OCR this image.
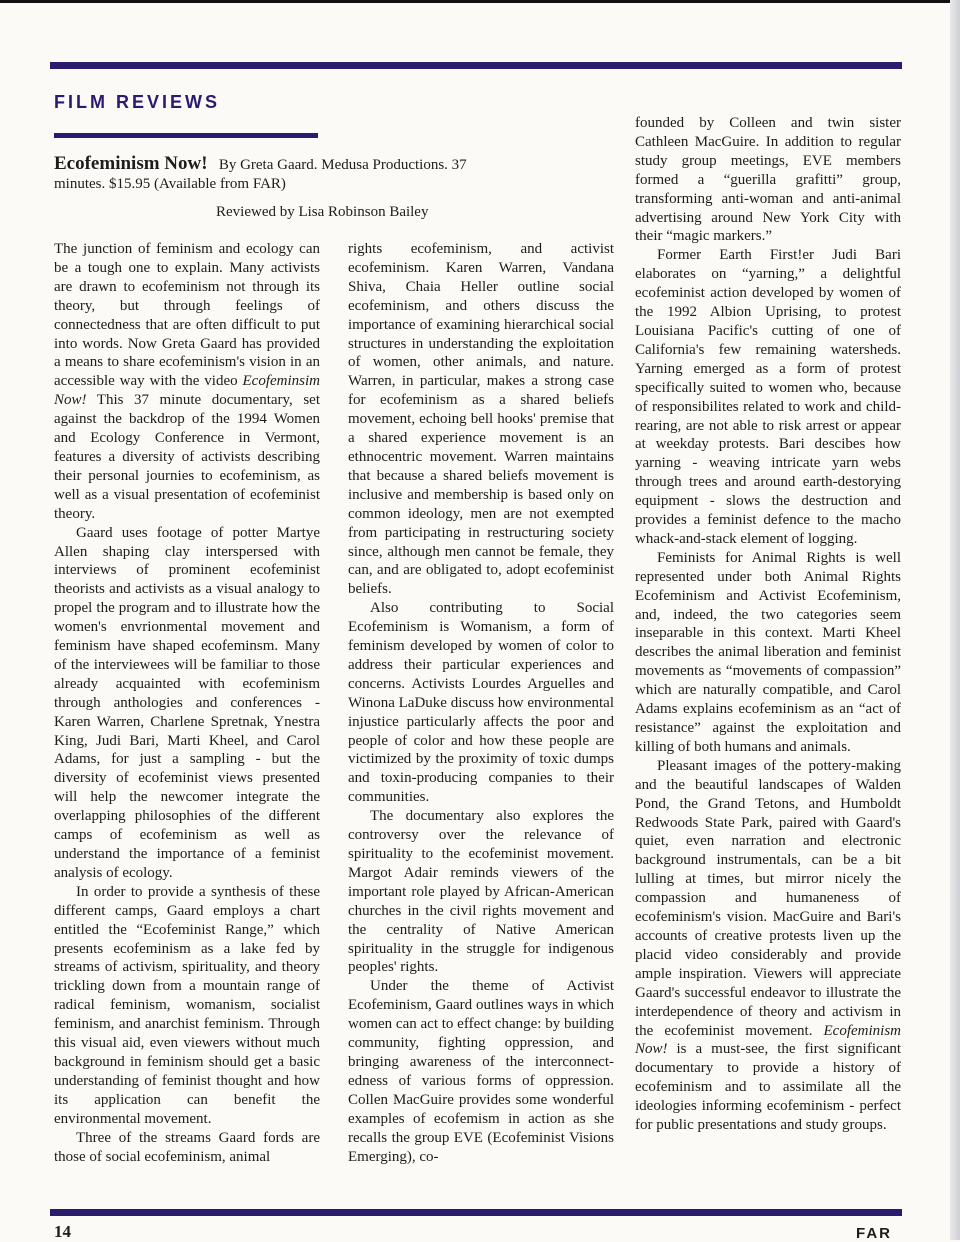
FILM REVIEWS
Ecofeminism Now! By Greta Gaard. Medusa Productions. 37 minutes. $15.95 (Available from FAR)
Reviewed by Lisa Robinson Bailey

The junction of feminism and ecology can be a tough one to explain. Many activists are drawn to ecofeminism not through its theory, but through feelings of connectedness that are often difficult to put into words. Now Greta Gaard has provided a means to share ecofeminism's vision in an accessible way with the video Ecofeminsim Now! This 37 minute documentary, set against the backdrop of the 1994 Women and Ecology Conference in Vermont, features a diversity of activists describing their personal journies to ecofeminism, as well as a visual presentation of ecofeminist theory.

Gaard uses footage of potter Martye Allen shaping clay interspersed with interviews of prominent ecofeminist theorists and activists as a visual analogy to propel the program and to illustrate how the women's envrionmental movement and feminism have shaped ecofeminsm. Many of the interviewees will be familiar to those already acquainted with ecofeminism through anthologies and conferences - Karen Warren, Charlene Spretnak, Ynestra King, Judi Bari, Marti Kheel, and Carol Adams, for just a sampling - but the diversity of ecofeminist views presented will help the newcomer integrate the overlapping philosophies of the different camps of ecofeminism as well as understand the importance of a feminist analysis of ecology.

In order to provide a synthesis of these different camps, Gaard employs a chart entitled the “Ecofeminist Range,” which presents ecofeminism as a lake fed by streams of activism, spirituality, and theory trickling down from a mountain range of radical feminism, womanism, socialist feminism, and anarchist feminism. Through this visual aid, even viewers without much background in feminism should get a basic understanding of feminist thought and how its application can benefit the environmental movement.

Three of the streams Gaard fords are those of social ecofeminism, animal

rights ecofeminism, and activist ecofeminism. Karen Warren, Vandana Shiva, Chaia Heller outline social ecofeminism, and others discuss the importance of examining hierarchical social structures in understanding the exploitation of women, other animals, and nature. Warren, in particular, makes a strong case for ecofeminism as a shared beliefs movement, echoing bell hooks' premise that a shared experience movement is an ethnocentric movement. Warren maintains that because a shared beliefs movement is inclusive and membership is based only on common ideology, men are not exempted from participating in restructuring society since, although men cannot be female, they can, and are obligated to, adopt ecofeminist beliefs.

Also contributing to Social Ecofeminism is Womanism, a form of feminism developed by women of color to address their particular experiences and concerns. Activists Lourdes Arguelles and Winona LaDuke discuss how environmental injustice particularly affects the poor and people of color and how these people are victimized by the proximity of toxic dumps and toxin-producing companies to their communities.

The documentary also explores the controversy over the relevance of spirituality to the ecofeminist movement. Margot Adair reminds viewers of the important role played by African-American churches in the civil rights movement and the centrality of Native American spirituality in the struggle for indigenous peoples' rights.

Under the theme of Activist Ecofeminism, Gaard outlines ways in which women can act to effect change: by building community, fighting oppression, and bringing awareness of the interconnect-edness of various forms of oppression. Collen MacGuire provides some wonderful examples of ecofemism in action as she recalls the group EVE (Ecofeminist Visions Emerging), co-

founded by Colleen and twin sister Cathleen MacGuire. In addition to regular study group meetings, EVE members formed a “guerilla grafitti” group, transforming anti-woman and anti-animal advertising around New York City with their “magic markers.”

Former Earth First!er Judi Bari elaborates on “yarning,” a delightful ecofeminist action developed by women of the 1992 Albion Uprising, to protest Louisiana Pacific's cutting of one of California's few remaining watersheds. Yarning emerged as a form of protest specifically suited to women who, because of responsibilites related to work and child-rearing, are not able to risk arrest or appear at weekday protests. Bari descibes how yarning - weaving intricate yarn webs through trees and around earth-destorying equipment - slows the destruction and provides a feminist defence to the macho whack-and-stack element of logging.

Feminists for Animal Rights is well represented under both Animal Rights Ecofeminism and Activist Ecofeminism, and, indeed, the two categories seem inseparable in this context. Marti Kheel describes the animal liberation and feminist movements as “movements of compassion” which are naturally compatible, and Carol Adams explains ecofeminism as an “act of resistance” against the exploitation and killing of both humans and animals.

Pleasant images of the pottery-making and the beautiful landscapes of Walden Pond, the Grand Tetons, and Humboldt Redwoods State Park, paired with Gaard's quiet, even narration and electronic background instrumentals, can be a bit lulling at times, but mirror nicely the compassion and humaneness of ecofeminism's vision. MacGuire and Bari's accounts of creative protests liven up the placid video considerably and provide ample inspiration. Viewers will appreciate Gaard's successful endeavor to illustrate the interdependence of theory and activism in the ecofeminist movement. Ecofeminism Now! is a must-see, the first significant documentary to provide a history of ecofeminism and to assimilate all the ideologies informing ecofeminism - perfect for public presentations and study groups.

14	FAR
